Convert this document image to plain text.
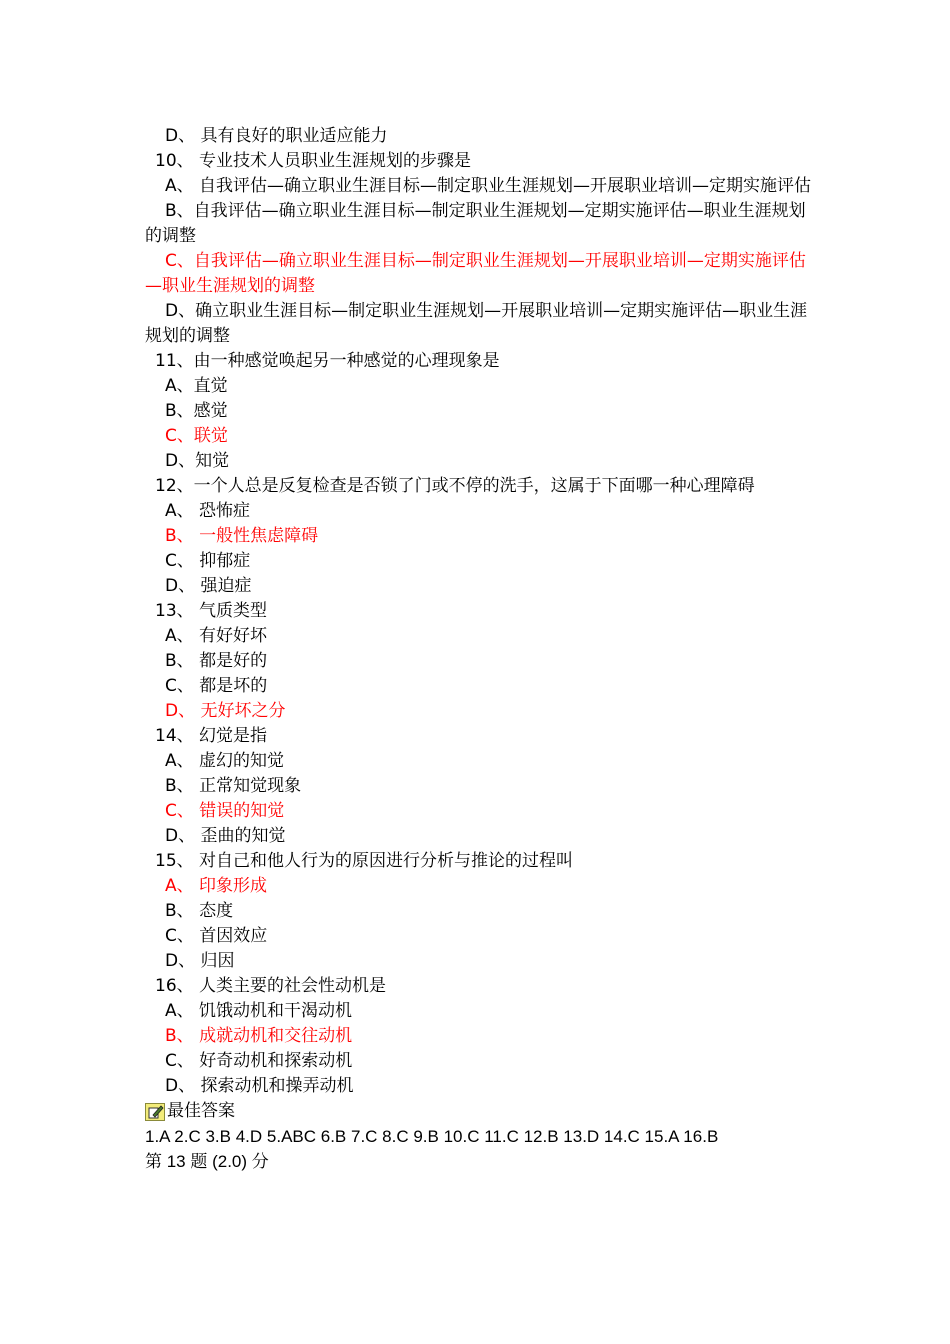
D、 具有良好的职业适应能力
10、 专业技术人员职业生涯规划的步骤是
A、 自我评估—确立职业生涯目标—制定职业生涯规划—开展职业培训—定期实施评估
B、自我评估—确立职业生涯目标—制定职业生涯规划—定期实施评估—职业生涯规划的调整
C、自我评估—确立职业生涯目标—制定职业生涯规划—开展职业培训—定期实施评估—职业生涯规划的调整
D、确立职业生涯目标—制定职业生涯规划—开展职业培训—定期实施评估—职业生涯规划的调整
11、由一种感觉唤起另一种感觉的心理现象是
A、直觉
B、感觉
C、联觉
D、知觉
12、一个人总是反复检查是否锁了门或不停的洗手，这属于下面哪一种心理障碍
A、 恐怖症
B、 一般性焦虑障碍
C、 抑郁症
D、 强迫症
13、 气质类型
A、 有好好坏
B、 都是好的
C、 都是坏的
D、 无好坏之分
14、 幻觉是指
A、 虚幻的知觉
B、 正常知觉现象
C、 错误的知觉
D、 歪曲的知觉
15、 对自己和他人行为的原因进行分析与推论的过程叫
A、 印象形成
B、 态度
C、 首因效应
D、 归因
16、 人类主要的社会性动机是
A、 饥饿动机和干渴动机
B、 成就动机和交往动机
C、 好奇动机和探索动机
D、 探索动机和操弄动机
最佳答案
1.A 2.C 3.B 4.D 5.ABC 6.B 7.C 8.C 9.B 10.C 11.C 12.B 13.D 14.C 15.A 16.B
第 13 题 (2.0) 分
